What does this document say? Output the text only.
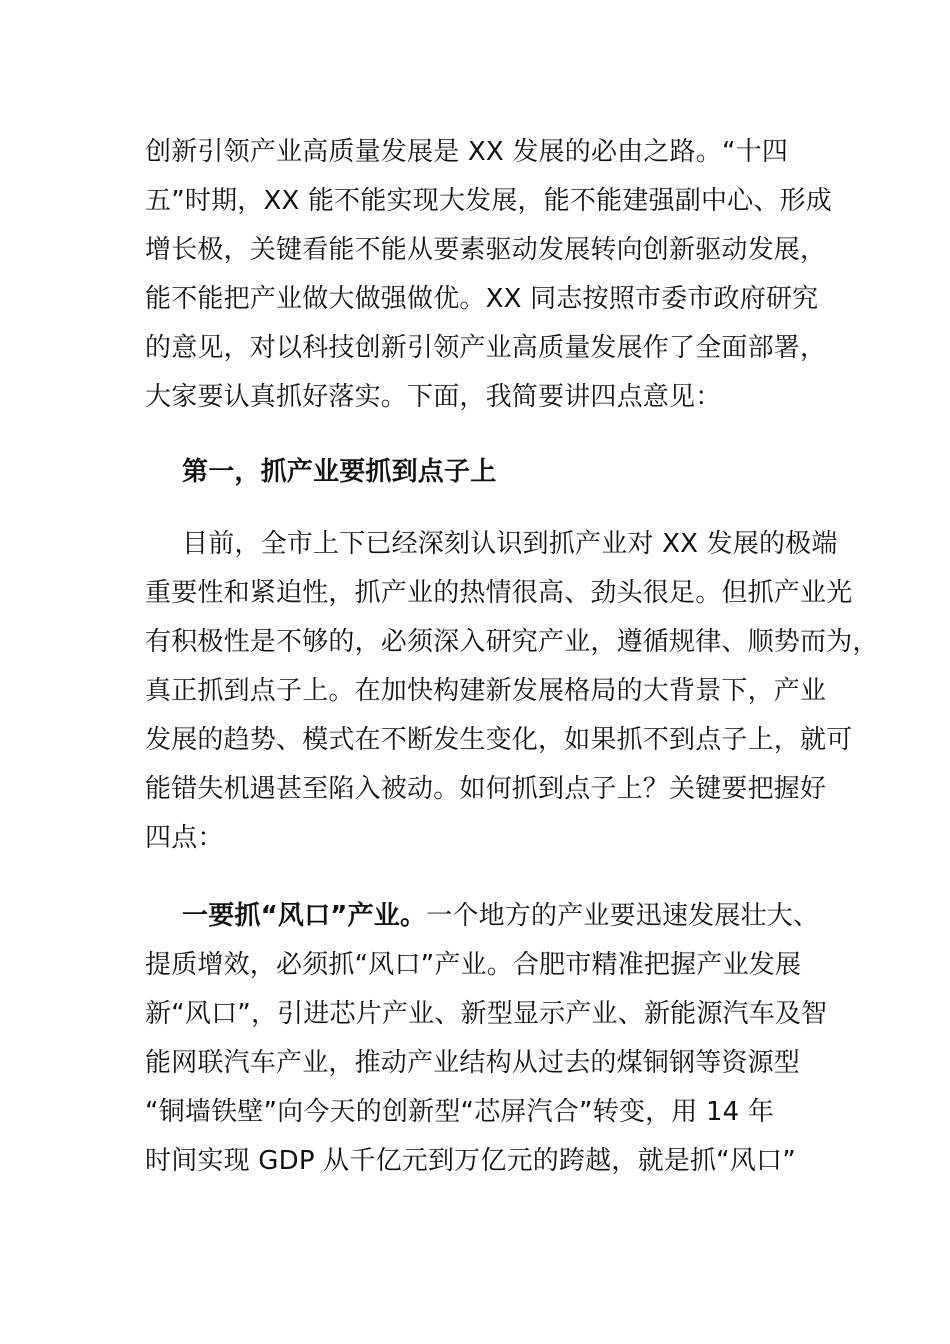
创新引领产业高质量发展是 XX 发展的必由之路。“十四
五”时期，XX 能不能实现大发展，能不能建强副中心、形成
增长极，关键看能不能从要素驱动发展转向创新驱动发展，
能不能把产业做大做强做优。XX 同志按照市委市政府研究
的意见，对以科技创新引领产业高质量发展作了全面部署，
大家要认真抓好落实。下面，我简要讲四点意见：
第一，抓产业要抓到点子上
目前，全市上下已经深刻认识到抓产业对 XX 发展的极端
重要性和紧迫性，抓产业的热情很高、劲头很足。但抓产业光
有积极性是不够的，必须深入研究产业，遵循规律、顺势而为，
真正抓到点子上。在加快构建新发展格局的大背景下，产业
发展的趋势、模式在不断发生变化，如果抓不到点子上，就可
能错失机遇甚至陷入被动。如何抓到点子上？关键要把握好
四点：
一要抓“风口”产业。一个地方的产业要迅速发展壮大、
提质增效，必须抓“风口”产业。合肥市精准把握产业发展
新“风口”，引进芯片产业、新型显示产业、新能源汽车及智
能网联汽车产业，推动产业结构从过去的煤铜钢等资源型
“铜墙铁壁”向今天的创新型“芯屏汽合”转变，用 14 年
时间实现 GDP 从千亿元到万亿元的跨越，就是抓“风口”
